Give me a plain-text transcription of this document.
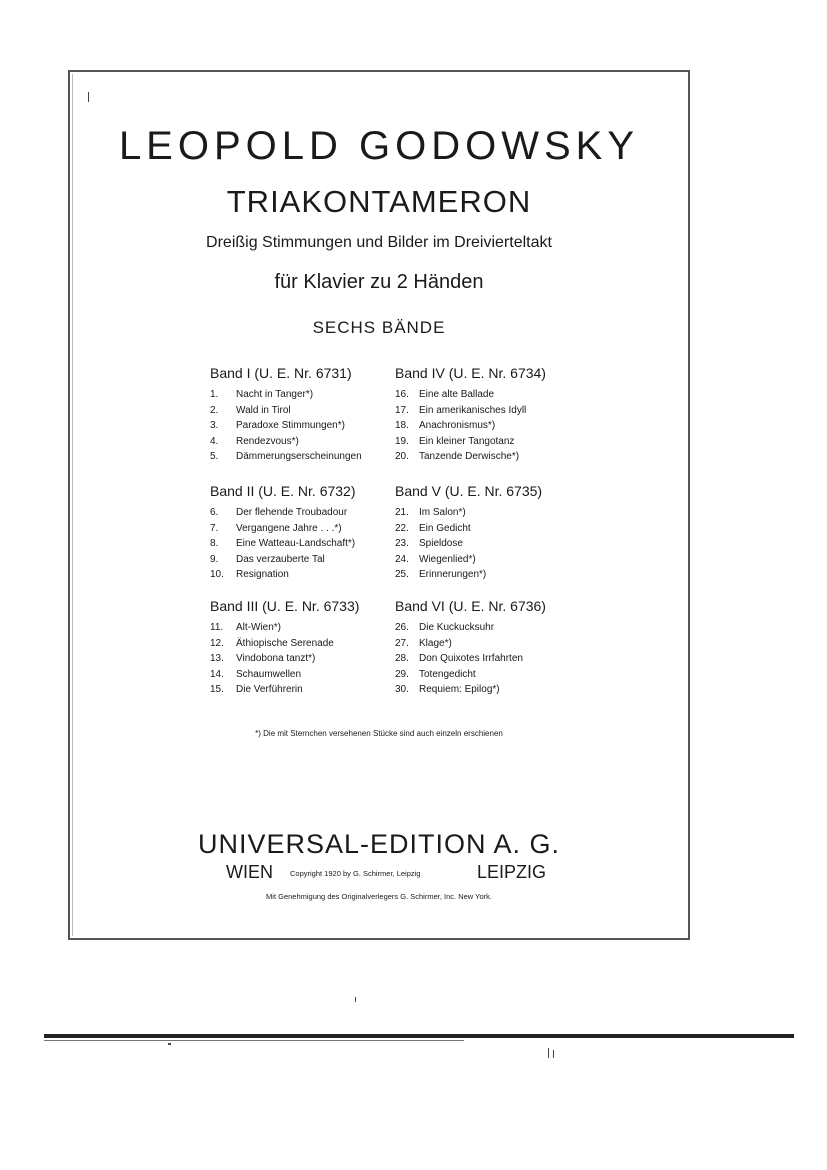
LEOPOLD GODOWSKY
TRIAKONTAMERON
Dreißig Stimmungen und Bilder im Dreivierteltakt
für Klavier zu 2 Händen
SECHS BÄNDE
Band I (U. E. Nr. 6731)
1. Nacht in Tanger*)
2. Wald in Tirol
3. Paradoxe Stimmungen*)
4. Rendezvous*)
5. Dämmerungserscheinungen
Band II (U. E. Nr. 6732)
6. Der flehende Troubadour
7. Vergangene Jahre . . .*)
8. Eine Watteau-Landschaft*)
9. Das verzauberte Tal
10. Resignation
Band III (U. E. Nr. 6733)
11. Alt-Wien*)
12. Äthiopische Serenade
13. Vindobona tanzt*)
14. Schaumwellen
15. Die Verführerin
Band IV (U. E. Nr. 6734)
16. Eine alte Ballade
17. Ein amerikanisches Idyll
18. Anachronismus*)
19. Ein kleiner Tangotanz
20. Tanzende Derwische*)
Band V (U. E. Nr. 6735)
21. Im Salon*)
22. Ein Gedicht
23. Spieldose
24. Wiegenlied*)
25. Erinnerungen*)
Band VI (U. E. Nr. 6736)
26. Die Kuckucksuhr
27. Klage*)
28. Don Quixotes Irrfahrten
29. Totengedicht
30. Requiem: Epilog*)
*) Die mit Sternchen versehenen Stücke sind auch einzeln erschienen
UNIVERSAL-EDITION A. G.
WIEN Copyright 1920 by G. Schirmer, Leipzig	LEIPZIG
Mit Genehmigung des Originalverlegers G. Schirmer, Inc. New York.
